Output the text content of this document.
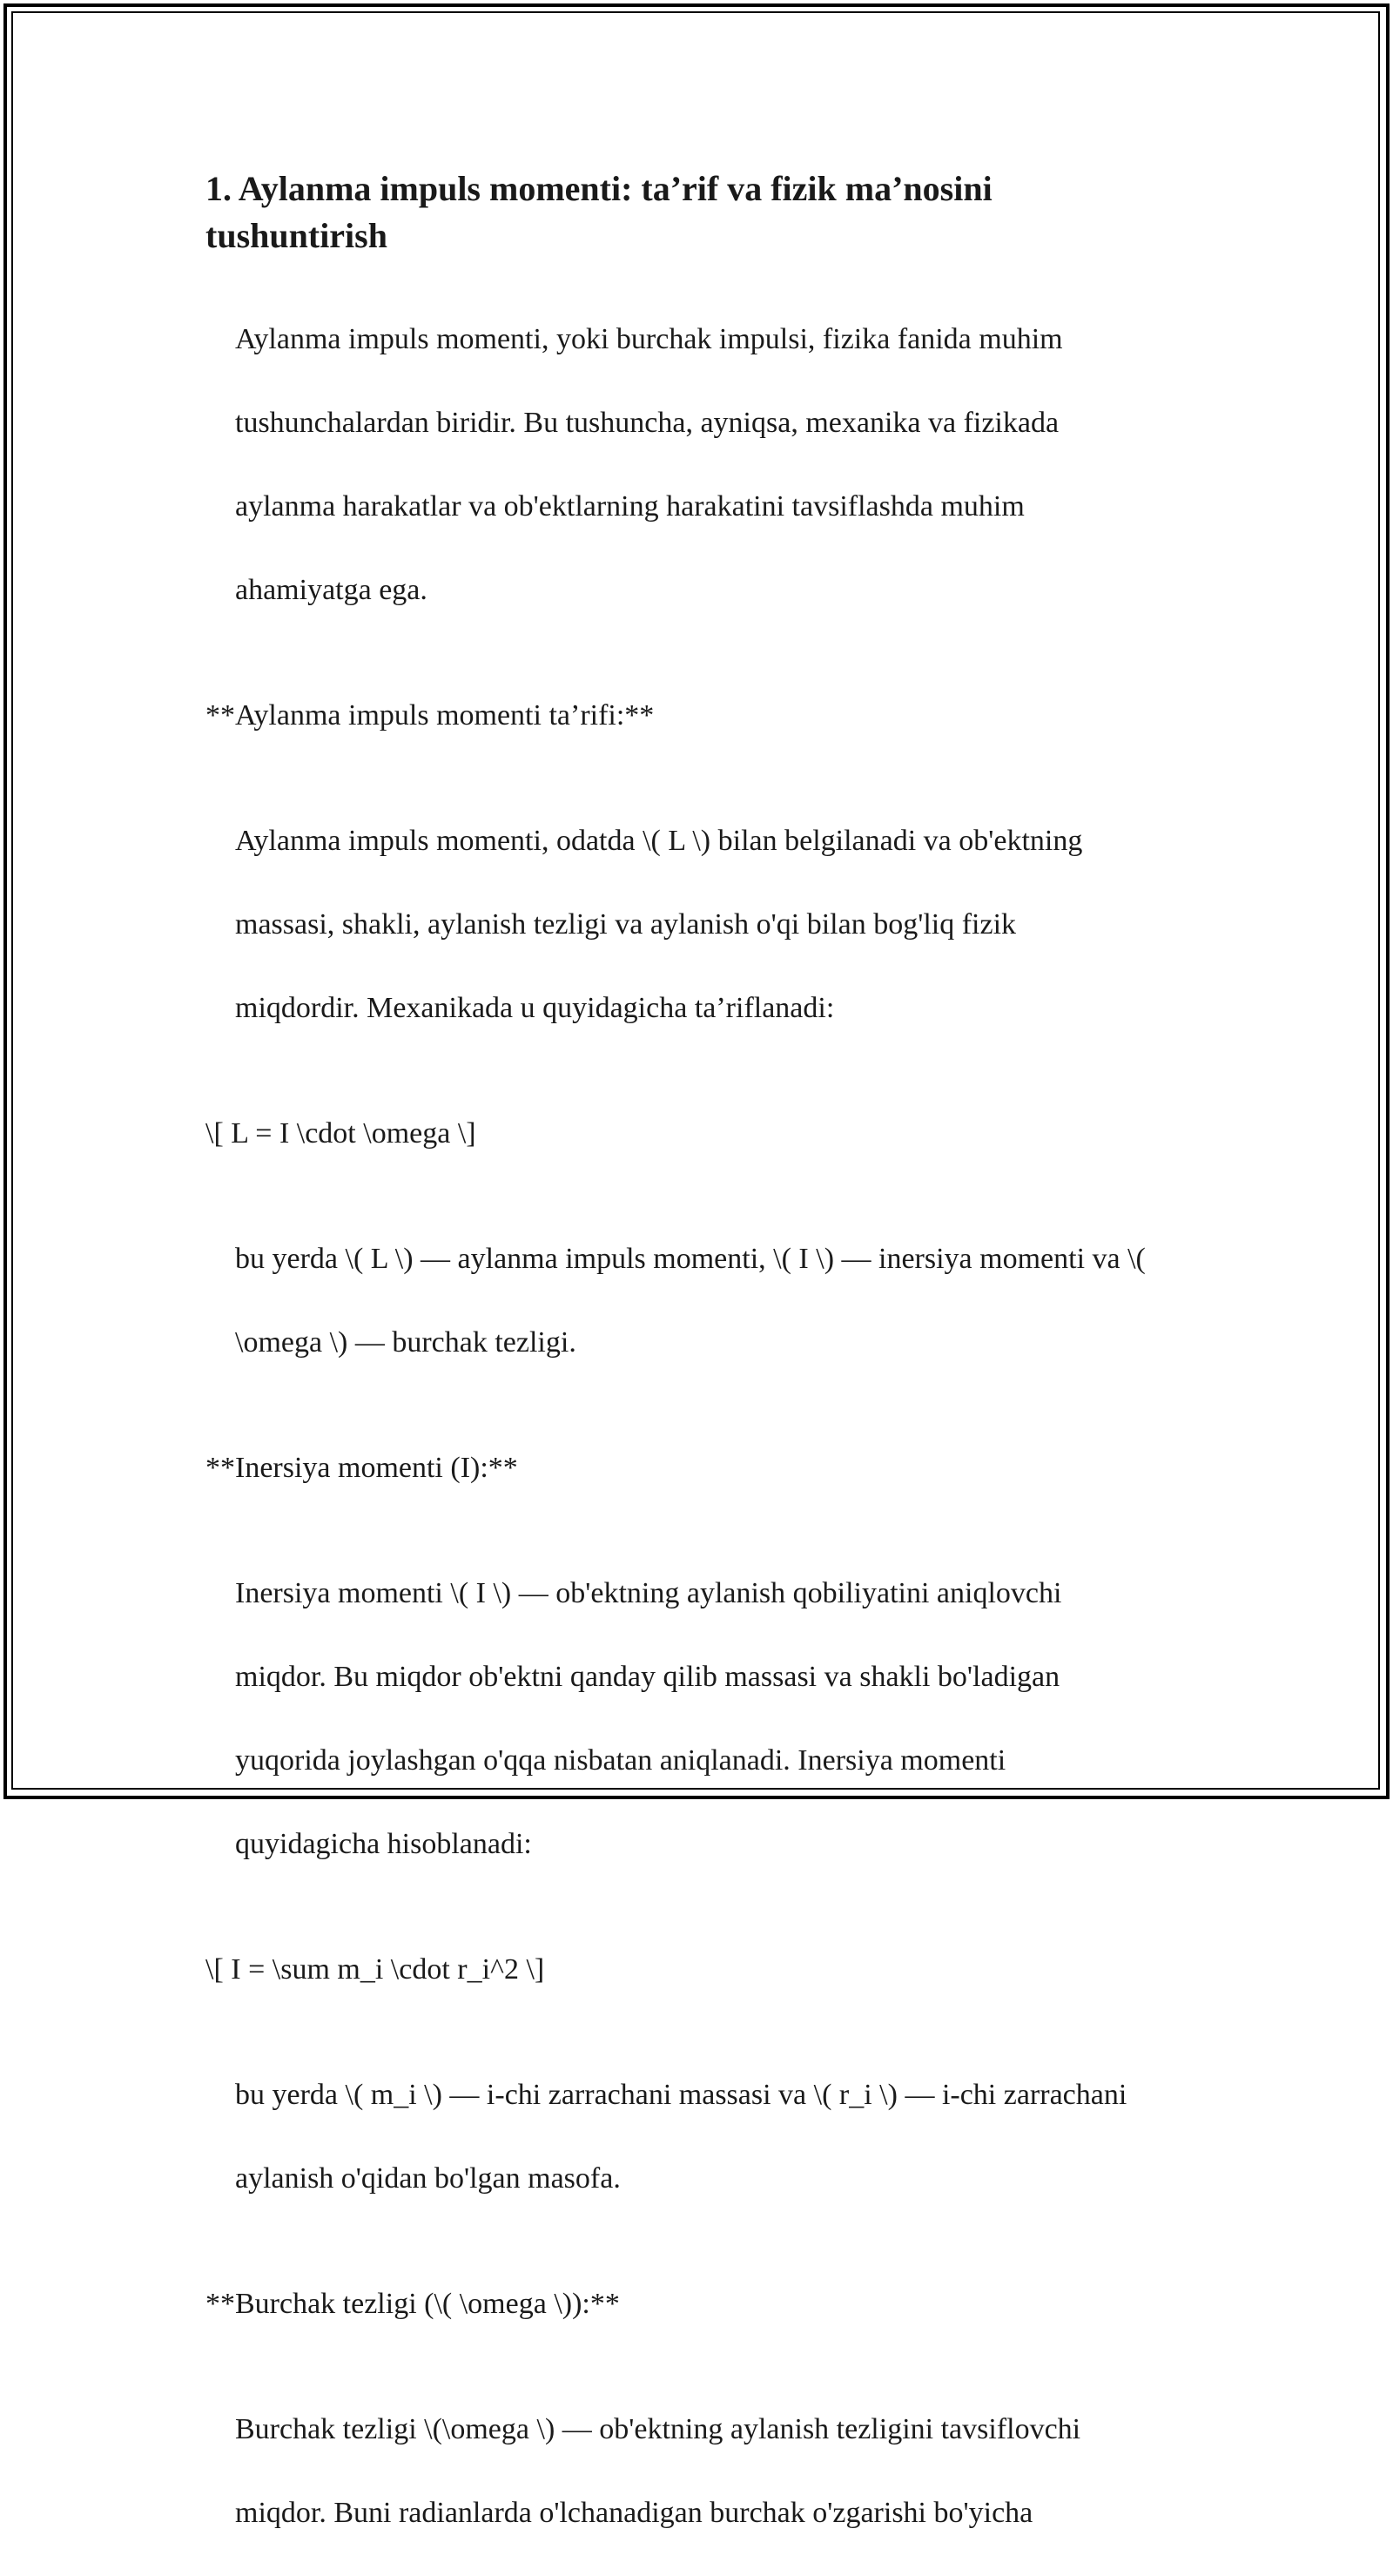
1. Aylanma impuls momenti: ta’rif va fizik ma’nosini
tushuntirish

Aylanma impuls momenti, yoki burchak impulsi, fizika fanida muhim

tushunchalardan biridir. Bu tushuncha, ayniqsa, mexanika va fizikada

aylanma harakatlar va ob'ektlarning harakatini tavsiflashda muhim

ahamiyatga ega.

**Aylanma impuls momenti ta’rifi:**

Aylanma impuls momenti, odatda \( L \) bilan belgilanadi va ob'ektning

massasi, shakli, aylanish tezligi va aylanish o'qi bilan bog'liq fizik

miqdordir. Mexanikada u quyidagicha ta’riflanadi:

\[ L = I \cdot \omega \]

bu yerda \( L \) — aylanma impuls momenti, \( I \) — inersiya momenti va \(

\omega \) — burchak tezligi.

**Inersiya momenti (I):**

Inersiya momenti \( I \) — ob'ektning aylanish qobiliyatini aniqlovchi

miqdor. Bu miqdor ob'ektni qanday qilib massasi va shakli bo'ladigan

yuqorida joylashgan o'qqa nisbatan aniqlanadi. Inersiya momenti

quyidagicha hisoblanadi:

\[ I = \sum m_i \cdot r_i^2 \]

bu yerda \( m_i \) — i-chi zarrachani massasi va \( r_i \) — i-chi zarrachani

aylanish o'qidan bo'lgan masofa.

**Burchak tezligi (\( \omega \)):**

Burchak tezligi \(\omega \) — ob'ektning aylanish tezligini tavsiflovchi

miqdor. Buni radianlarda o'lchanadigan burchak o'zgarishi bo'yicha
